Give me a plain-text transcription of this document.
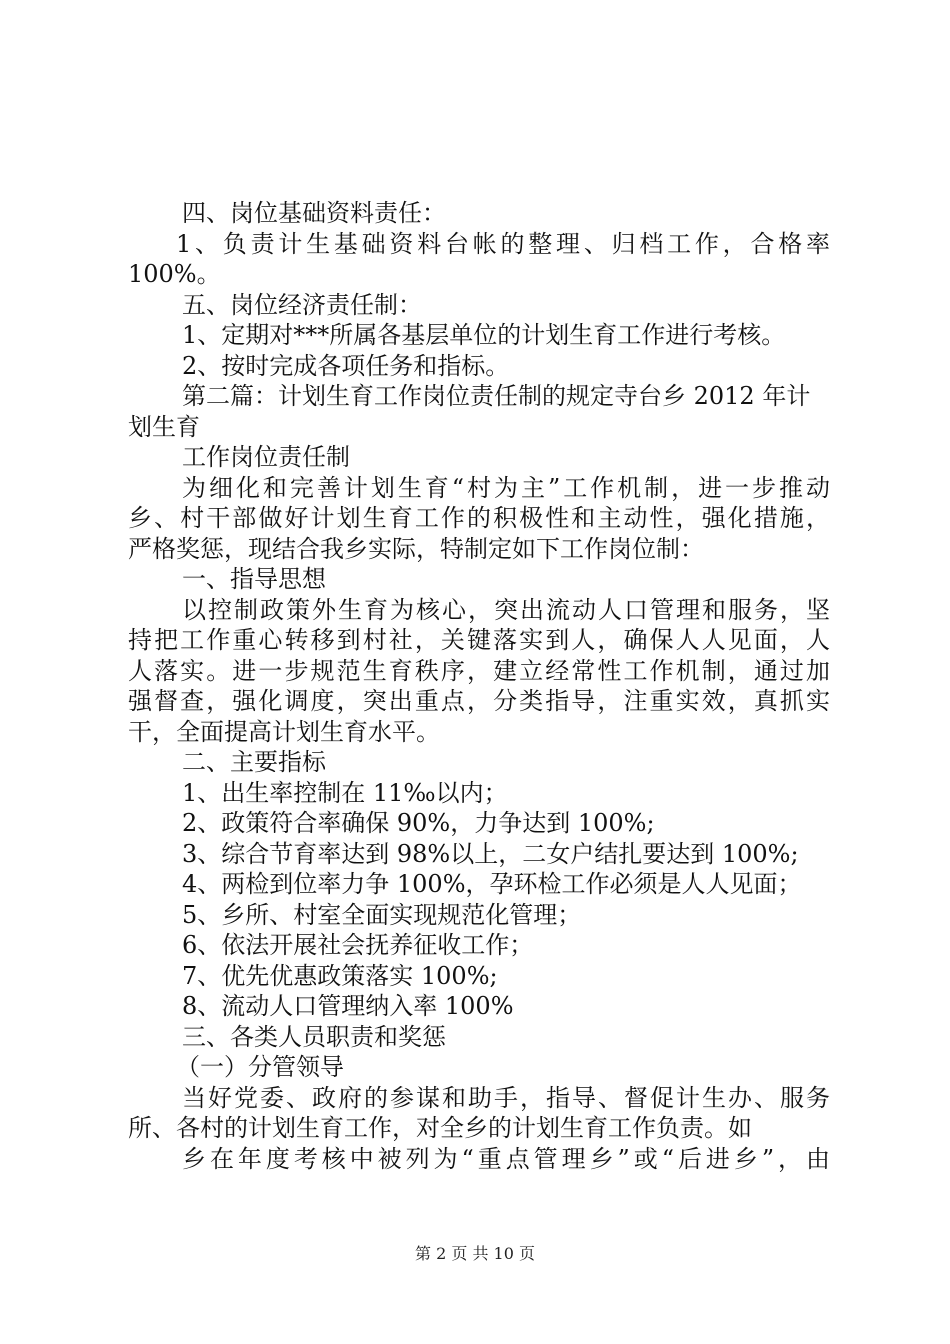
四、岗位基础资料责任：
1、负责计生基础资料台帐的整理、归档工作，合格率
100%。
五、岗位经济责任制：
1、定期对***所属各基层单位的计划生育工作进行考核。
2、按时完成各项任务和指标。
第二篇：计划生育工作岗位责任制的规定寺台乡 2012 年计
划生育
工作岗位责任制
为细化和完善计划生育“村为主”工作机制，进一步推动
乡、村干部做好计划生育工作的积极性和主动性，强化措施，
严格奖惩，现结合我乡实际，特制定如下工作岗位制：
一、指导思想
以控制政策外生育为核心，突出流动人口管理和服务，坚
持把工作重心转移到村社，关键落实到人，确保人人见面，人
人落实。进一步规范生育秩序，建立经常性工作机制，通过加
强督查，强化调度，突出重点，分类指导，注重实效，真抓实
干，全面提高计划生育水平。
二、主要指标
1、出生率控制在 11‰以内；
2、政策符合率确保 90%，力争达到 100%;
3、综合节育率达到 98%以上，二女户结扎要达到 100%;
4、两检到位率力争 100%，孕环检工作必须是人人见面；
5、乡所、村室全面实现规范化管理；
6、依法开展社会抚养征收工作；
7、优先优惠政策落实 100%;
8、流动人口管理纳入率 100%
三、各类人员职责和奖惩
（一）分管领导
当好党委、政府的参谋和助手，指导、督促计生办、服务
所、各村的计划生育工作，对全乡的计划生育工作负责。如
乡在年度考核中被列为“重点管理乡”或“后进乡”，由
第 2 页 共 10 页
